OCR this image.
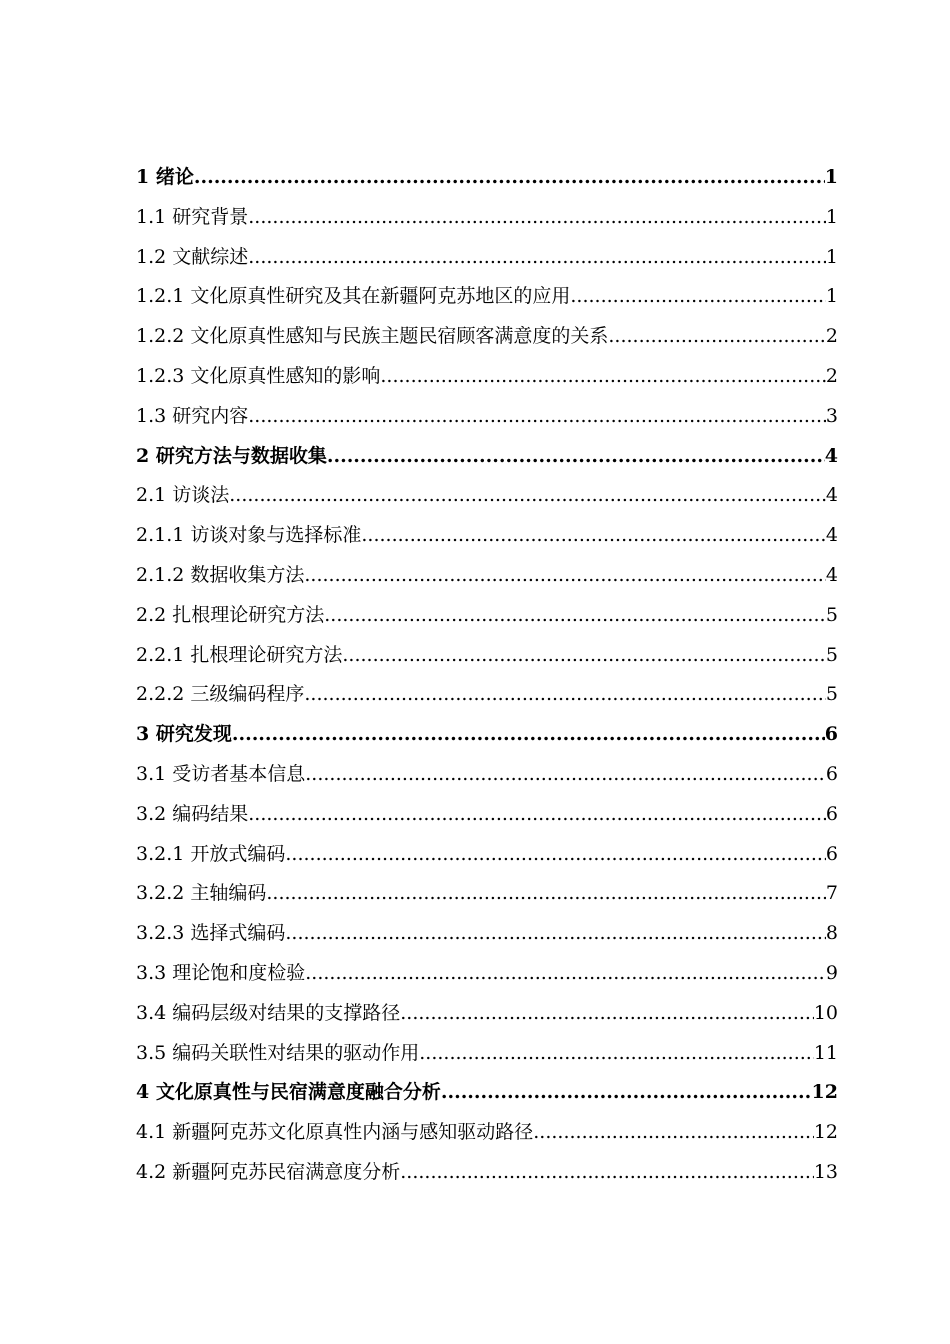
1 绪论 .....	1
1.1 研究背景 .....	1
1.2 文献综述 .....	1
1.2.1 文化原真性研究及其在新疆阿克苏地区的应用 .....	1
1.2.2 文化原真性感知与民族主题民宿顾客满意度的关系 .....	2
1.2.3 文化原真性感知的影响 .....	2
1.3 研究内容 .....	3
2 研究方法与数据收集 .....	4
2.1 访谈法 .....	4
2.1.1 访谈对象与选择标准 .....	4
2.1.2 数据收集方法 .....	4
2.2 扎根理论研究方法 .....	5
2.2.1 扎根理论研究方法 .....	5
2.2.2 三级编码程序 .....	5
3 研究发现 .....	6
3.1 受访者基本信息 .....	6
3.2 编码结果 .....	6
3.2.1 开放式编码 .....	6
3.2.2 主轴编码 .....	7
3.2.3 选择式编码 .....	8
3.3 理论饱和度检验 .....	9
3.4 编码层级对结果的支撑路径 .....	10
3.5 编码关联性对结果的驱动作用 .....	11
4 文化原真性与民宿满意度融合分析 .....	12
4.1 新疆阿克苏文化原真性内涵与感知驱动路径 .....	12
4.2 新疆阿克苏民宿满意度分析 .....	13
